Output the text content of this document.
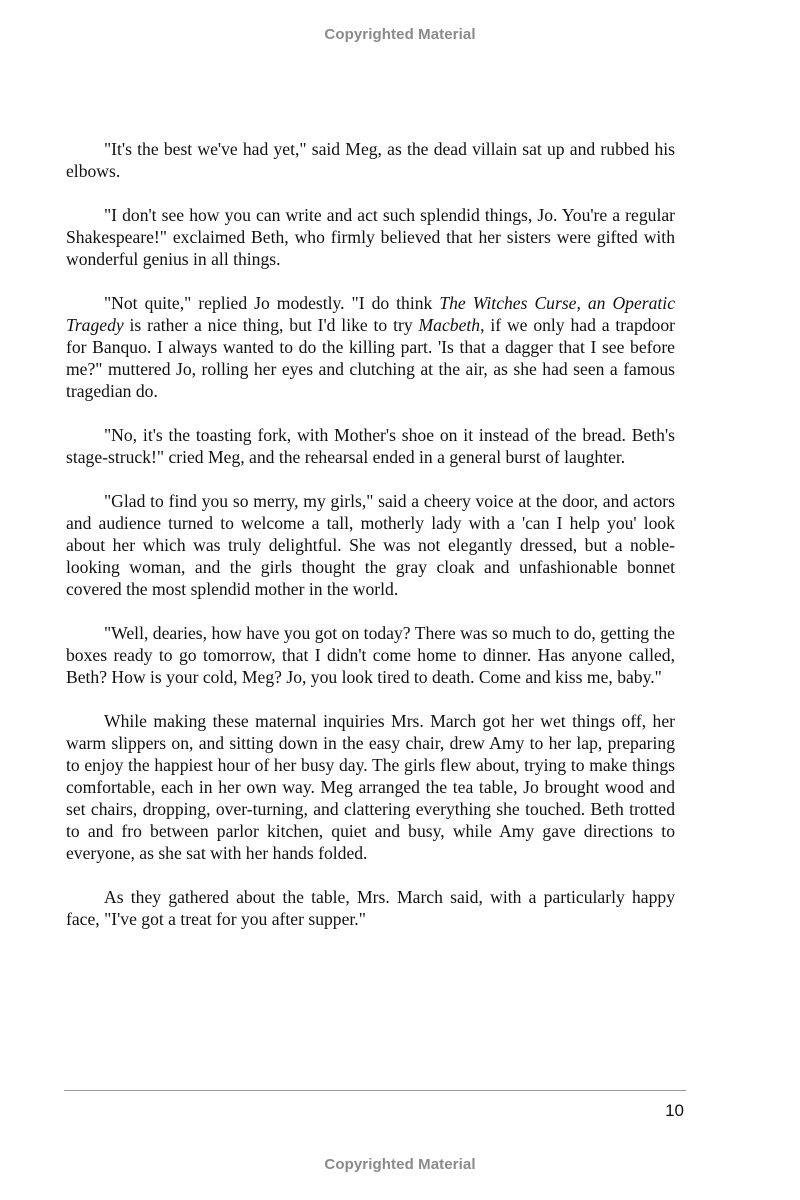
Copyrighted Material

"It's the best we've had yet," said Meg, as the dead villain sat up and rubbed his elbows.

"I don't see how you can write and act such splendid things, Jo. You're a regular Shakespeare!" exclaimed Beth, who firmly believed that her sisters were gifted with wonderful genius in all things.

"Not quite," replied Jo modestly. "I do think The Witches Curse, an Operatic Tragedy is rather a nice thing, but I'd like to try Macbeth, if we only had a trapdoor for Banquo. I always wanted to do the killing part. 'Is that a dagger that I see before me?" muttered Jo, rolling her eyes and clutching at the air, as she had seen a famous tragedian do.

"No, it's the toasting fork, with Mother's shoe on it instead of the bread. Beth's stage-struck!" cried Meg, and the rehearsal ended in a general burst of laughter.

"Glad to find you so merry, my girls," said a cheery voice at the door, and actors and audience turned to welcome a tall, motherly lady with a 'can I help you' look about her which was truly delightful. She was not elegantly dressed, but a noble-looking woman, and the girls thought the gray cloak and unfashionable bonnet covered the most splendid mother in the world.

"Well, dearies, how have you got on today? There was so much to do, getting the boxes ready to go tomorrow, that I didn't come home to dinner. Has anyone called, Beth? How is your cold, Meg? Jo, you look tired to death. Come and kiss me, baby."

While making these maternal inquiries Mrs. March got her wet things off, her warm slippers on, and sitting down in the easy chair, drew Amy to her lap, preparing to enjoy the happiest hour of her busy day. The girls flew about, trying to make things comfortable, each in her own way. Meg arranged the tea table, Jo brought wood and set chairs, dropping, over-turning, and clattering everything she touched. Beth trotted to and fro between parlor kitchen, quiet and busy, while Amy gave directions to everyone, as she sat with her hands folded.

As they gathered about the table, Mrs. March said, with a particularly happy face, "I've got a treat for you after supper."

10
Copyrighted Material
